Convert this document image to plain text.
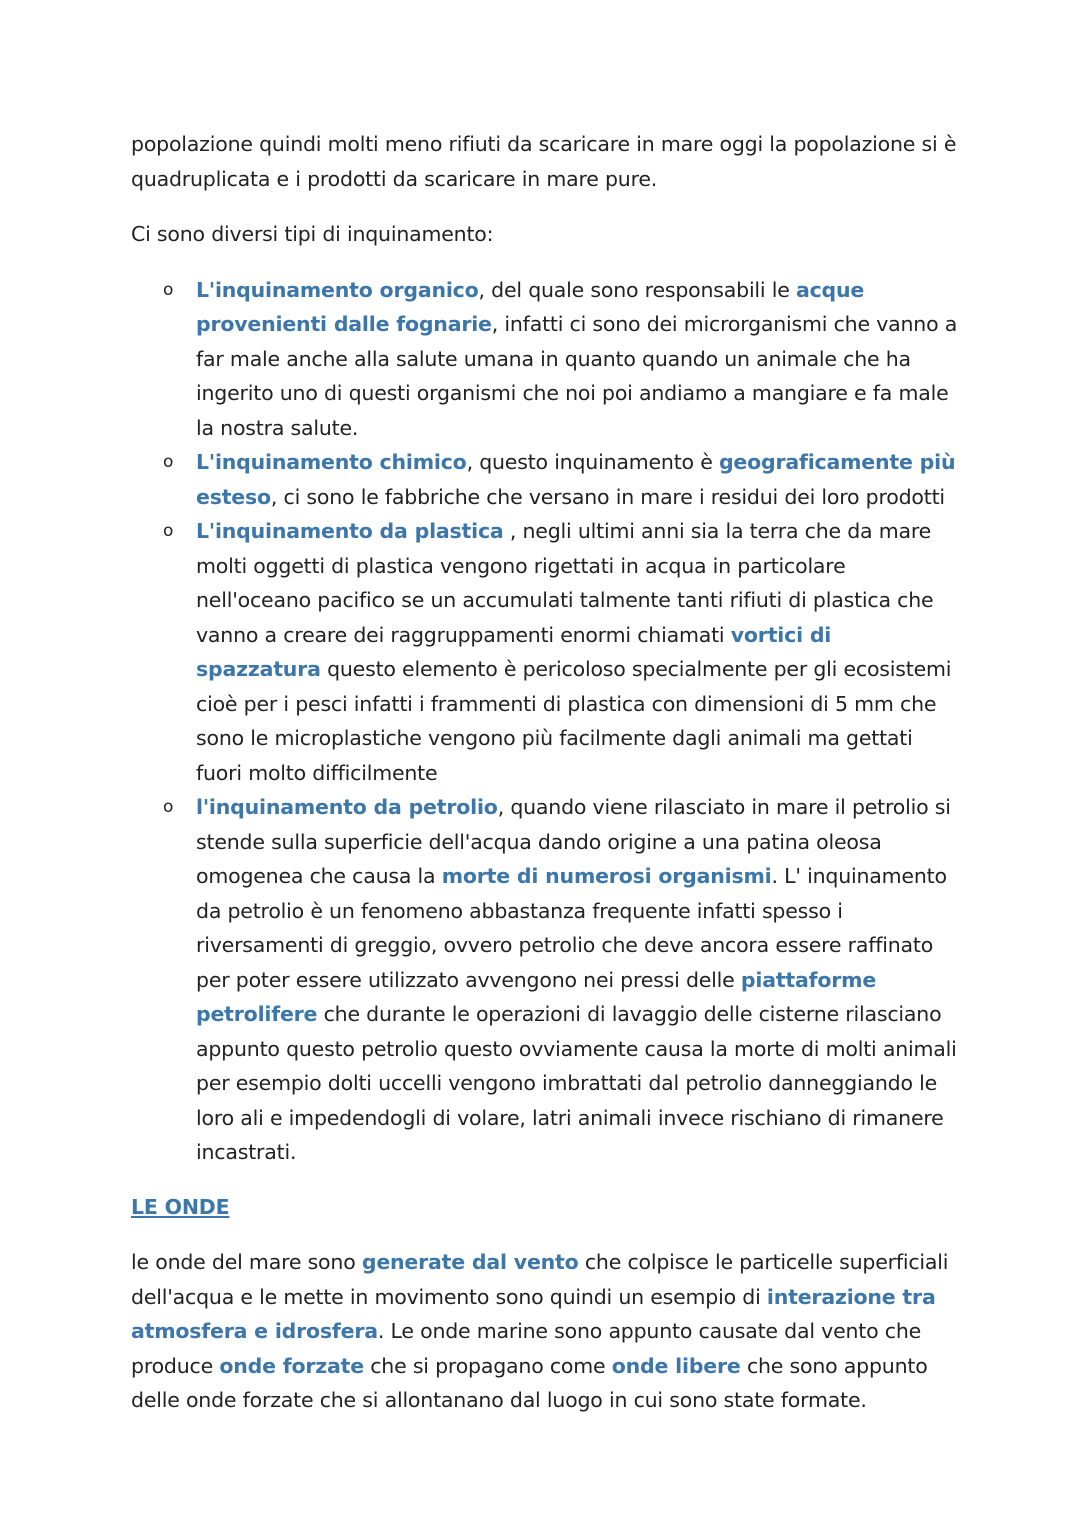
popolazione quindi molti meno rifiuti da scaricare in mare oggi la popolazione si è quadruplicata e i prodotti da scaricare in mare pure.

Ci sono diversi tipi di inquinamento:

o L'inquinamento organico, del quale sono responsabili le acque provenienti dalle fognarie, infatti ci sono dei microrganismi che vanno a far male anche alla salute umana in quanto quando un animale che ha ingerito uno di questi organismi che noi poi andiamo a mangiare e fa male la nostra salute.
o L'inquinamento chimico, questo inquinamento è geograficamente più esteso, ci sono le fabbriche che versano in mare i residui dei loro prodotti
o L'inquinamento da plastica , negli ultimi anni sia la terra che da mare molti oggetti di plastica vengono rigettati in acqua in particolare nell'oceano pacifico se un accumulati talmente tanti rifiuti di plastica che vanno a creare dei raggruppamenti enormi chiamati vortici di spazzatura questo elemento è pericoloso specialmente per gli ecosistemi cioè per i pesci infatti i frammenti di plastica con dimensioni di 5 mm che sono le microplastiche vengono più facilmente dagli animali ma gettati fuori molto difficilmente
o l'inquinamento da petrolio, quando viene rilasciato in mare il petrolio si stende sulla superficie dell'acqua dando origine a una patina oleosa omogenea che causa la morte di numerosi organismi. L' inquinamento da petrolio è un fenomeno abbastanza frequente infatti spesso i riversamenti di greggio, ovvero petrolio che deve ancora essere raffinato per poter essere utilizzato avvengono nei pressi delle piattaforme petrolifere che durante le operazioni di lavaggio delle cisterne rilasciano appunto questo petrolio questo ovviamente causa la morte di molti animali per esempio dolti uccelli vengono imbrattati dal petrolio danneggiando le loro ali e impedendogli di volare, latri animali invece rischiano di rimanere incastrati.
LE ONDE

le onde del mare sono generate dal vento che colpisce le particelle superficiali dell'acqua e le mette in movimento sono quindi un esempio di interazione tra atmosfera e idrosfera. Le onde marine sono appunto causate dal vento che produce onde forzate che si propagano come onde libere che sono appunto delle onde forzate che si allontanano dal luogo in cui sono state formate.
